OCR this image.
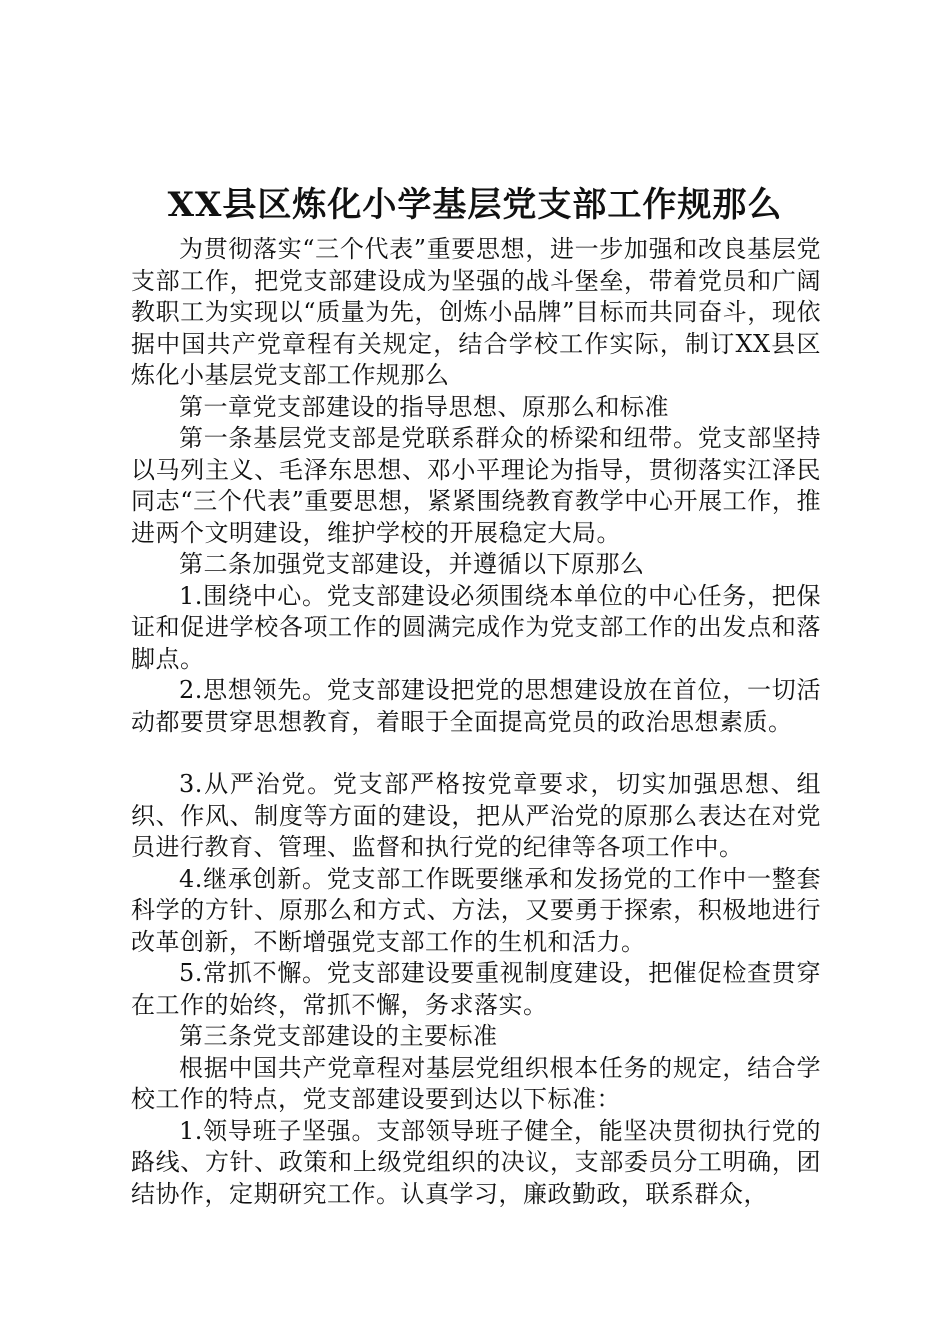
XX县区炼化小学基层党支部工作规那么

为贯彻落实“三个代表”重要思想，进一步加强和改良基层党支部工作，把党支部建设成为坚强的战斗堡垒，带着党员和广阔教职工为实现以“质量为先，创炼小品牌”目标而共同奋斗，现依据中国共产党章程有关规定，结合学校工作实际，制订XX县区炼化小基层党支部工作规那么

第一章党支部建设的指导思想、原那么和标准

第一条基层党支部是党联系群众的桥梁和纽带。党支部坚持以马列主义、毛泽东思想、邓小平理论为指导，贯彻落实江泽民同志“三个代表”重要思想，紧紧围绕教育教学中心开展工作，推进两个文明建设，维护学校的开展稳定大局。

第二条加强党支部建设，并遵循以下原那么

1.围绕中心。党支部建设必须围绕本单位的中心任务，把保证和促进学校各项工作的圆满完成作为党支部工作的出发点和落脚点。

2.思想领先。党支部建设把党的思想建设放在首位，一切活动都要贯穿思想教育，着眼于全面提高党员的政治思想素质。

3.从严治党。党支部严格按党章要求，切实加强思想、组织、作风、制度等方面的建设，把从严治党的原那么表达在对党员进行教育、管理、监督和执行党的纪律等各项工作中。

4.继承创新。党支部工作既要继承和发扬党的工作中一整套科学的方针、原那么和方式、方法，又要勇于探索，积极地进行改革创新，不断增强党支部工作的生机和活力。

5.常抓不懈。党支部建设要重视制度建设，把催促检查贯穿在工作的始终，常抓不懈，务求落实。

第三条党支部建设的主要标准

根据中国共产党章程对基层党组织根本任务的规定，结合学校工作的特点，党支部建设要到达以下标准：

1.领导班子坚强。支部领导班子健全，能坚决贯彻执行党的路线、方针、政策和上级党组织的决议，支部委员分工明确，团结协作，定期研究工作。认真学习，廉政勤政，联系群众，
